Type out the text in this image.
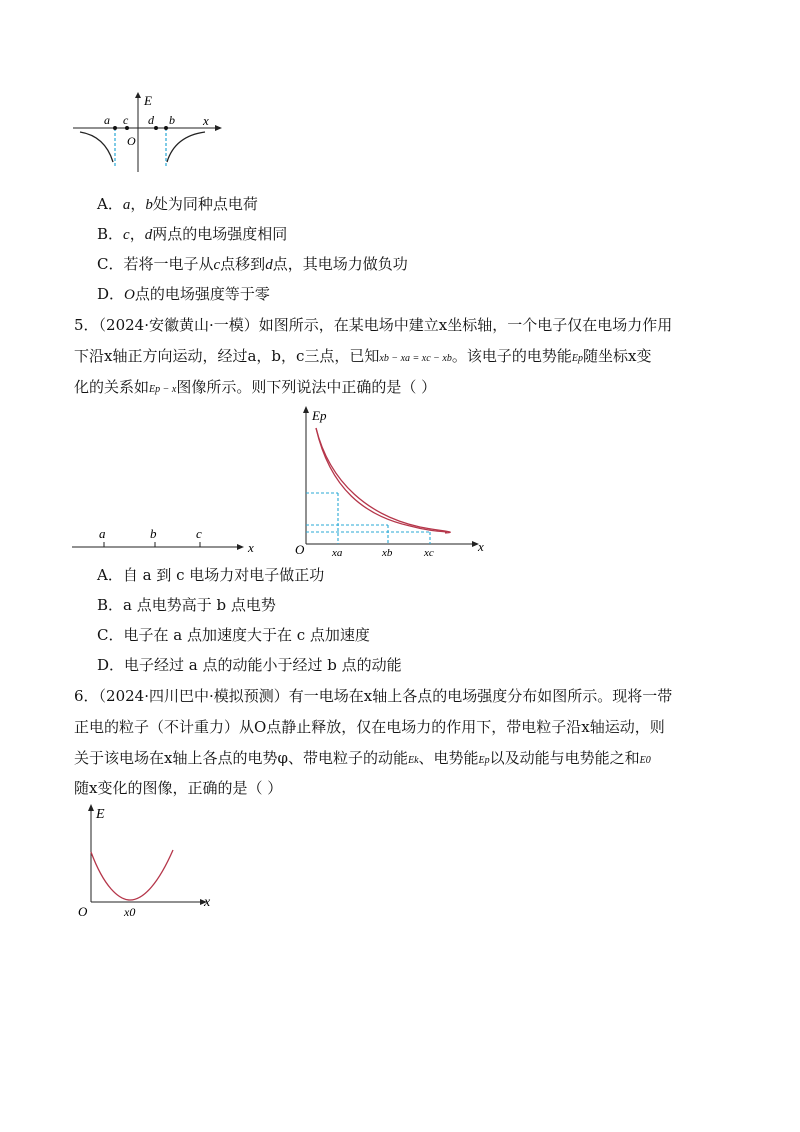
E
x
O
a c d b
A．a，b处为同种点电荷
B．c，d两点的电场强度相同
C．若将一电子从c点移到d点，其电场力做负功
D．O点的电场强度等于零
5．（2024·安徽黄山·一模）如图所示，在某电场中建立x坐标轴，一个电子仅在电场力作用
下沿x轴正方向运动，经过a，b，c三点，已知xb − xa = xc − xb。该电子的电势能Ep随坐标x变
化的关系如Ep − x图像所示。则下列说法中正确的是（ ）
a	b	c
x
Ep
x
O	xa	xb	xc
A．自 a 到 c 电场力对电子做正功
B．a 点电势高于 b 点电势
C．电子在 a 点加速度大于在 c 点加速度
D．电子经过 a 点的动能小于经过 b 点的动能
6．（2024·四川巴中·模拟预测）有一电场在x轴上各点的电场强度分布如图所示。现将一带
正电的粒子（不计重力）从O点静止释放，仅在电场力的作用下，带电粒子沿x轴运动，则
关于该电场在x轴上各点的电势φ、带电粒子的动能Ek、电势能Ep以及动能与电势能之和E0
随x变化的图像，正确的是（ ）
E
x
O	x0
